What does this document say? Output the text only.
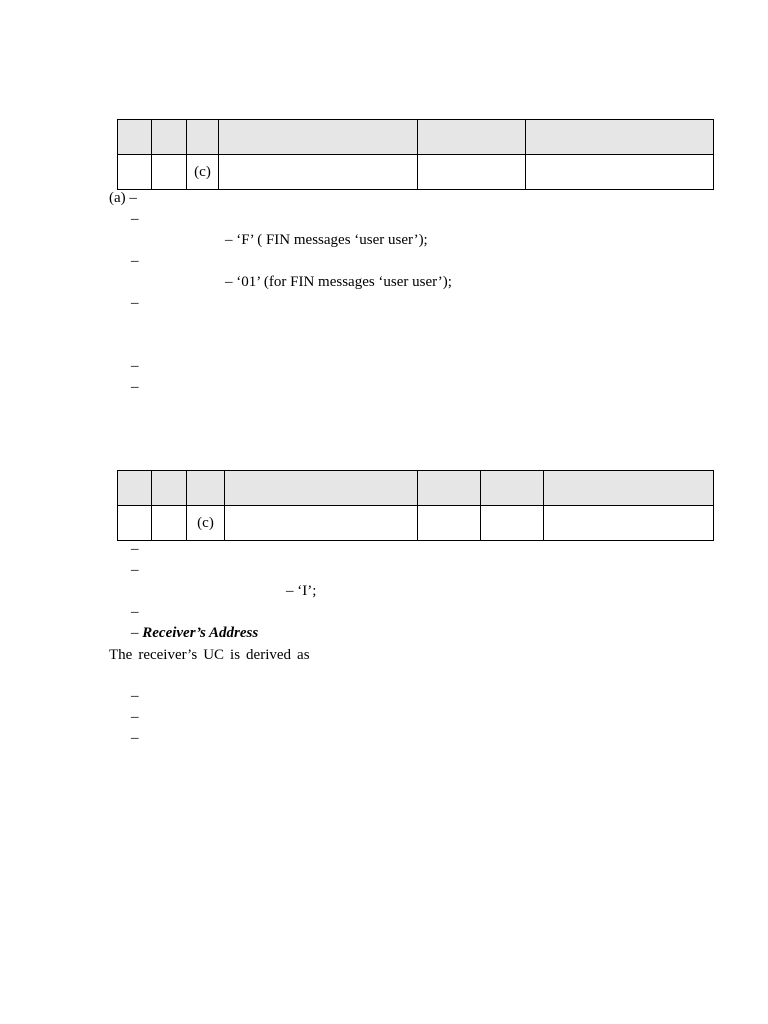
		(c)			
(a) –
–
– ‘F’ ( FIN messages ‘user user’);
–
– ‘01’ (for FIN messages ‘user user’);
–
–
–

		(c)				
–
–
– ‘I’;
–
– Receiver’s Address
The receiver’s UC is derived as
–
–
–
